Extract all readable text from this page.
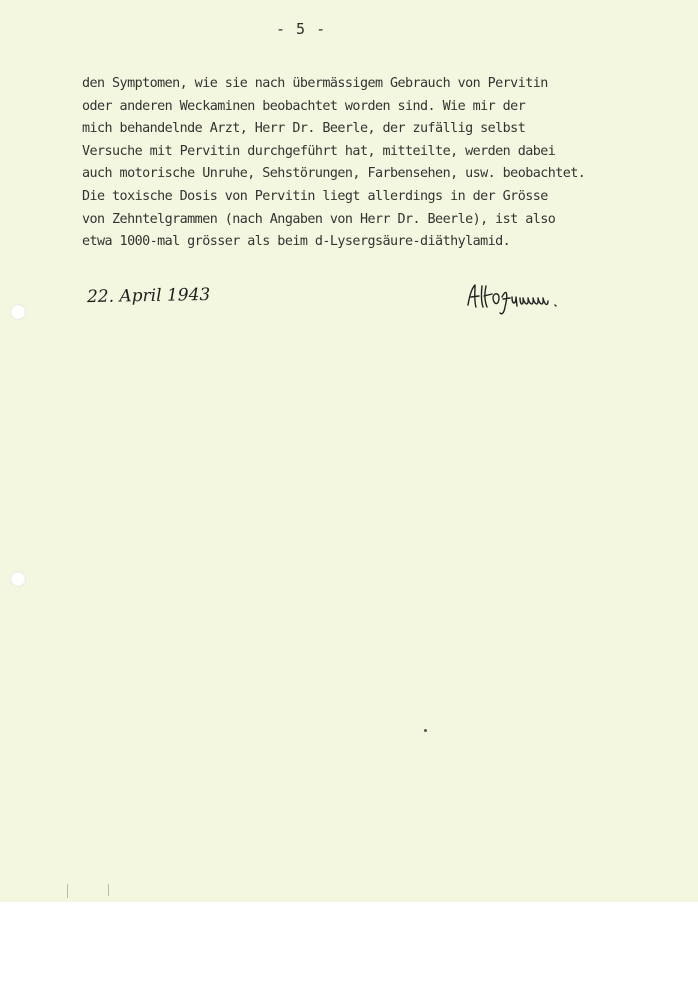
- 5 -
den Symptomen, wie sie nach übermässigem Gebrauch von Pervitin
oder anderen Weckaminen beobachtet worden sind. Wie mir der
mich behandelnde Arzt, Herr Dr. Beerle, der zufällig selbst
Versuche mit Pervitin durchgeführt hat, mitteilte, werden dabei
auch motorische Unruhe, Sehstörungen, Farbensehen, usw. beobachtet.
Die toxische Dosis von Pervitin liegt allerdings in der Grösse
von Zehntelgrammen (nach Angaben von Herr Dr. Beerle), ist also
etwa 1000-mal grösser als beim d-Lysergsäure-diäthylamid.
22. April 1943
